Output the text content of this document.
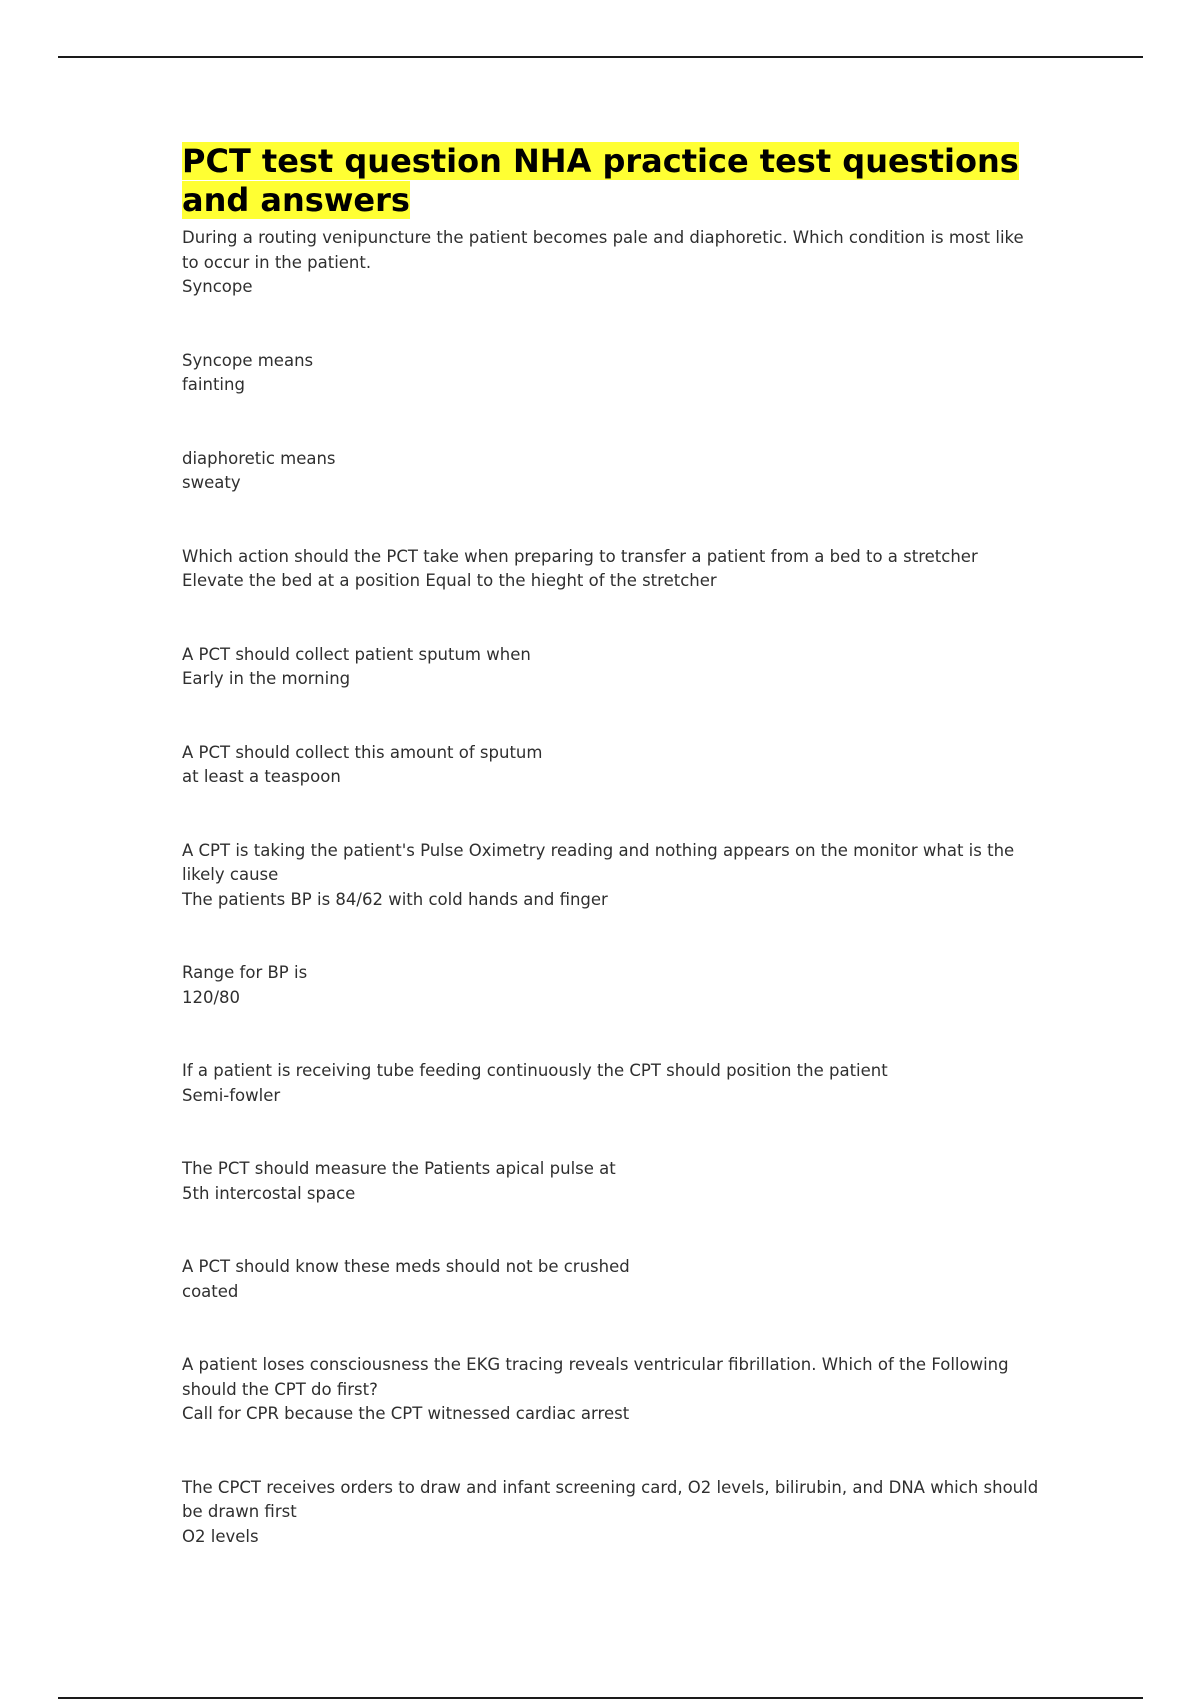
PCT test question NHA practice test questions and answers

During a routing venipuncture the patient becomes pale and diaphoretic. Which condition is most like to occur in the patient.

Syncope

Syncope means

fainting

diaphoretic means

sweaty

Which action should the PCT take when preparing to transfer a patient from a bed to a stretcher

Elevate the bed at a position Equal to the hieght of the stretcher

A PCT should collect patient sputum when

Early in the morning

A PCT should collect this amount of sputum

at least a teaspoon

A CPT is taking the patient's Pulse Oximetry reading and nothing appears on the monitor what is the likely cause

The patients BP is 84/62 with cold hands and finger

Range for BP is

120/80

If a patient is receiving tube feeding continuously the CPT should position the patient

Semi-fowler

The PCT should measure the Patients apical pulse at

5th intercostal space

A PCT should know these meds should not be crushed

coated

A patient loses consciousness the EKG tracing reveals ventricular fibrillation. Which of the Following should the CPT do first?

Call for CPR because the CPT witnessed cardiac arrest

The CPCT receives orders to draw and infant screening card, O2 levels, bilirubin, and DNA which should be drawn first

O2 levels
